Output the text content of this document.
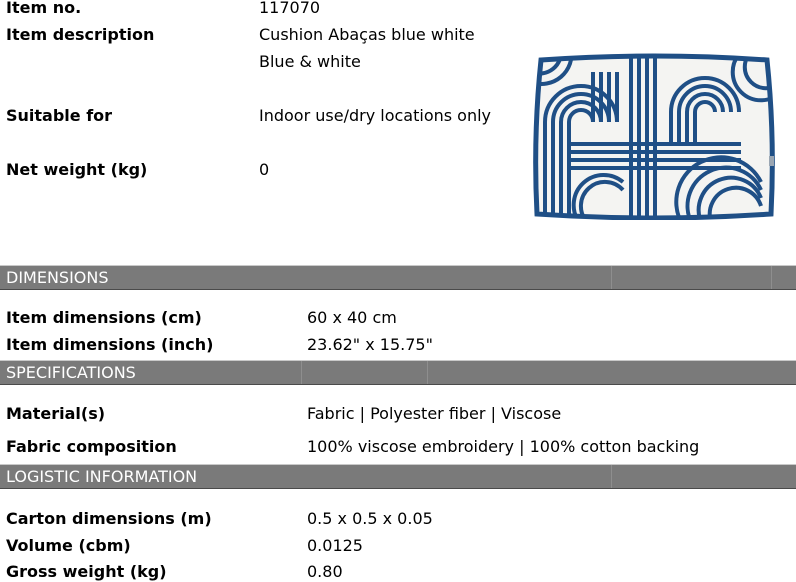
Item no.	117070
Item description	Cushion Abaças blue white
Blue & white
Suitable for	Indoor use/dry locations only
Net weight (kg)	0
DIMENSIONS
Item dimensions (cm)	60 x 40 cm
Item dimensions (inch)	23.62" x 15.75"
SPECIFICATIONS
Material(s)	Fabric | Polyester fiber | Viscose
Fabric composition	100% viscose embroidery | 100% cotton backing
LOGISTIC INFORMATION
Carton dimensions (m)	0.5 x 0.5 x 0.05
Volume (cbm)	0.0125
Gross weight (kg)	0.80
